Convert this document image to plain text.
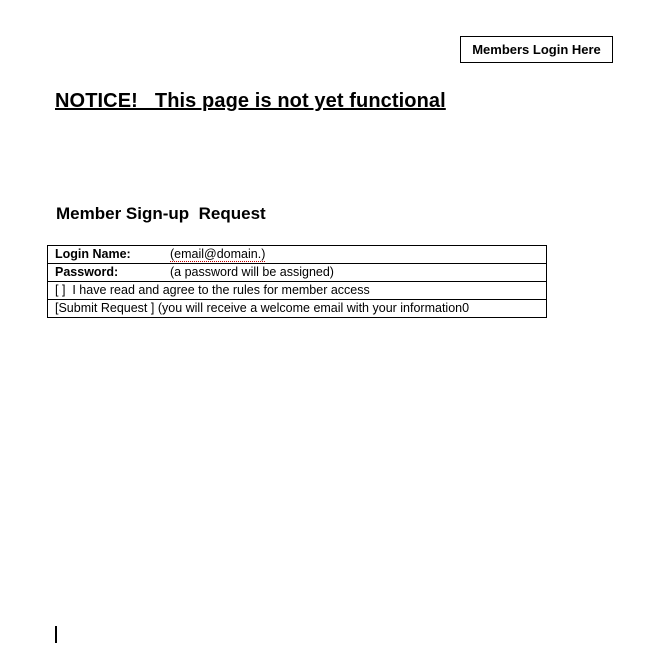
Members Login Here
NOTICE!   This page is not yet functional
Member Sign-up  Request
Login Name:	(email@domain.)
Password:	(a password will be assigned)
[ ]  I have read and agree to the rules for member access
[Submit Request ] (you will receive a welcome email with your information0
